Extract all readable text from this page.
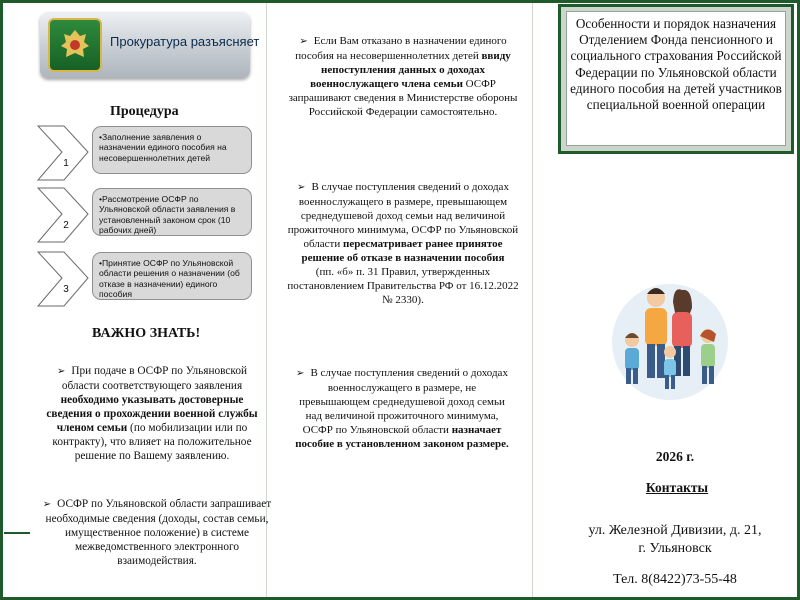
Прокуратура разъясняет
Процедура
1
•Заполнение заявления о назначении единого пособия на несовершеннолетних детей
2
•Рассмотрение ОСФР по Ульяновской области заявления в установленный законом срок (10 рабочих дней)
3
•Принятие ОСФР по Ульяновской области решения о назначении (об отказе в назначении) единого пособия
ВАЖНО ЗНАТЬ!
➢ При подаче в ОСФР по Ульяновской области соответствующего заявления необходимо указывать достоверные сведения о прохождении военной службы членом семьи (по мобилизации или по контракту), что влияет на положительное решение по Вашему заявлению.
➢ ОСФР по Ульяновской области запрашивает необходимые сведения (доходы, состав семьи, имущественное положение) в системе межведомственного электронного взаимодействия.
➢ Если Вам отказано в назначении единого пособия на несовершеннолетних детей ввиду непоступления данных о доходах военнослужащего члена семьи ОСФР запрашивают сведения в Министерстве обороны Российской Федерации самостоятельно.
➢ В случае поступления сведений о доходах военнослужащего в размере, превышающем среднедушевой доход семьи над величиной прожиточного минимума, ОСФР по Ульяновской области пересматривает ранее принятое решение об отказе в назначении пособия
(пп. «б» п. 31 Правил, утвержденных постановлением Правительства РФ от 16.12.2022 № 2330).
➢ В случае поступления сведений о доходах военнослужащего в размере, не превышающем среднедушевой доход семьи над величиной прожиточного минимума, ОСФР по Ульяновской области назначает пособие в установленном законом размере.
Особенности и порядок назначения Отделением Фонда пенсионного и социального страхования Российской Федерации по Ульяновской области единого пособия на детей участников специальной военной операции
2026 г.
Контакты
ул. Железной Дивизии, д. 21,
г. Ульяновск
Тел. 8(8422)73-55-48
